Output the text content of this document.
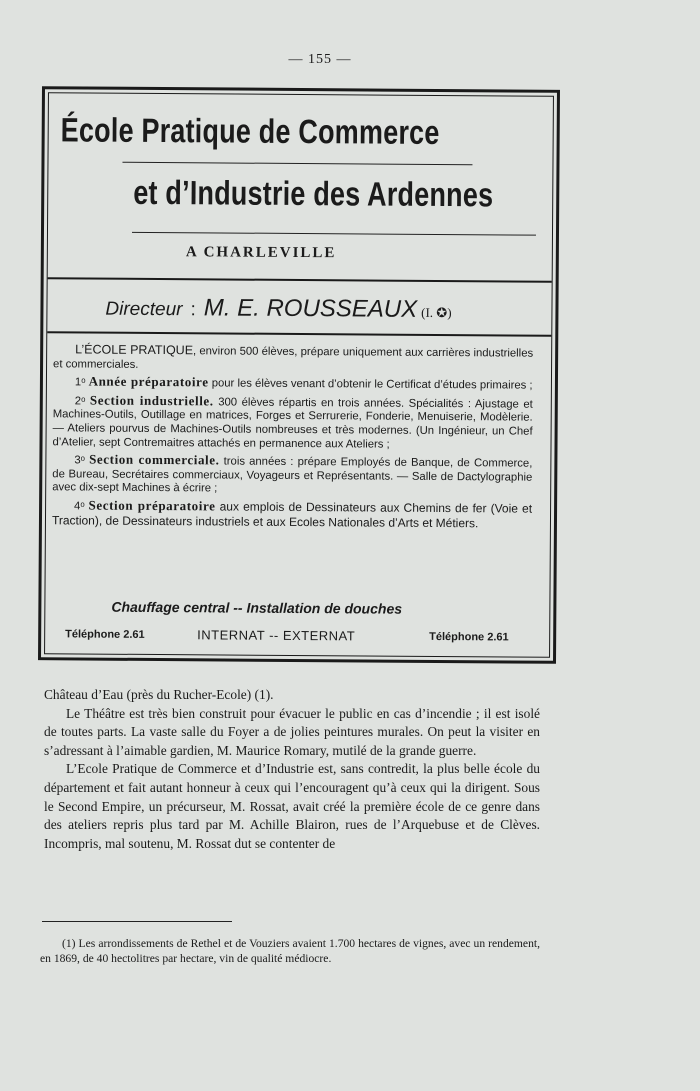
— 155 —
École Pratique de Commerce
et d’Industrie des Ardennes
A CHARLEVILLE
Directeur : M. E. ROUSSEAUX (I. ✪)

L’ÉCOLE PRATIQUE, environ 500 élèves, prépare uniquement aux carrières industrielles et commerciales.

1ᵒ Année préparatoire pour les élèves venant d’obtenir le Certificat d’études primaires ;

2ᵒ Section industrielle. 300 élèves répartis en trois années. Spécialités : Ajustage et Machines-Outils, Outillage en matrices, Forges et Serrurerie, Fonderie, Menuiserie, Modèlerie. — Ateliers pourvus de Machines-Outils nombreuses et très modernes. (Un Ingénieur, un Chef d’Atelier, sept Contremaitres attachés en permanence aux Ateliers ;

3ᵒ Section commerciale. trois années : prépare Employés de Banque, de Commerce, de Bureau, Secrétaires commerciaux, Voyageurs et Représentants. — Salle de Dactylographie avec dix-sept Machines à écrire ;

4ᵒ Section préparatoire aux emplois de Dessinateurs aux Chemins de fer (Voie et Traction), de Dessinateurs industriels et aux Ecoles Nationales d’Arts et Métiers.

Chauffage central -- Installation de douches
Téléphone 2.61	INTERNAT -- EXTERNAT	Téléphone 2.61

Château d’Eau (près du Rucher-Ecole) (1).

Le Théâtre est très bien construit pour évacuer le public en cas d’incendie ; il est isolé de toutes parts. La vaste salle du Foyer a de jolies peintures murales. On peut la visiter en s’adressant à l’aimable gardien, M. Maurice Romary, mutilé de la grande guerre.

L’Ecole Pratique de Commerce et d’Industrie est, sans contredit, la plus belle école du département et fait autant honneur à ceux qui l’encouragent qu’à ceux qui la dirigent. Sous le Second Empire, un précurseur, M. Rossat, avait créé la première école de ce genre dans des ateliers repris plus tard par M. Achille Blairon, rues de l’Arquebuse et de Clèves. Incompris, mal soutenu, M. Rossat dut se contenter de

(1) Les arrondissements de Rethel et de Vouziers avaient 1.700 hectares de vignes, avec un rendement, en 1869, de 40 hectolitres par hectare, vin de qualité médiocre.
